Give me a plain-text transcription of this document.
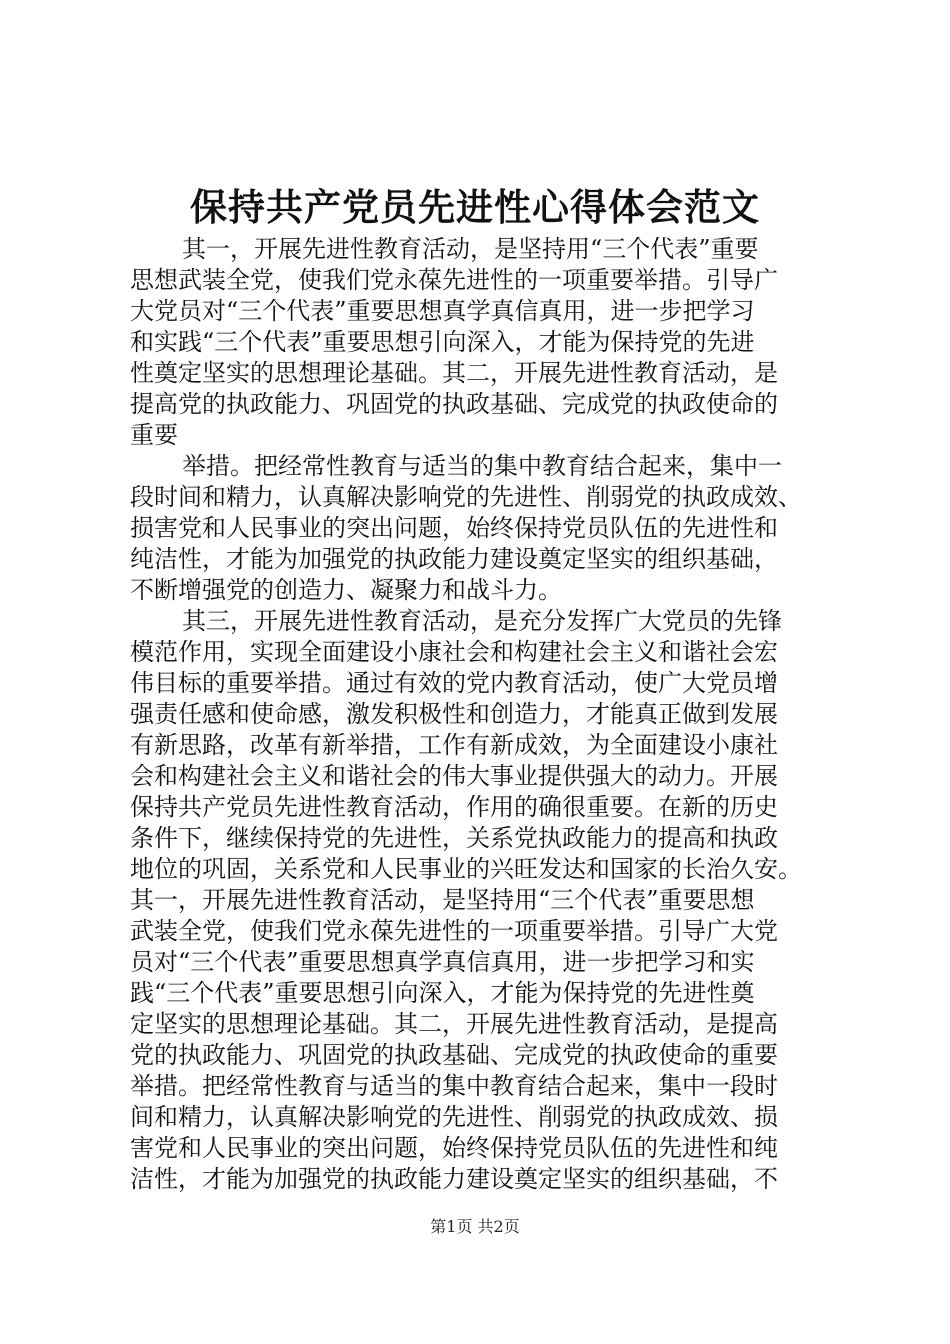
保持共产党员先进性心得体会范文
其一，开展先进性教育活动，是坚持用“三个代表”重要
思想武装全党，使我们党永葆先进性的一项重要举措。引导广
大党员对“三个代表”重要思想真学真信真用，进一步把学习
和实践“三个代表”重要思想引向深入，才能为保持党的先进
性奠定坚实的思想理论基础。其二，开展先进性教育活动，是
提高党的执政能力、巩固党的执政基础、完成党的执政使命的
重要
举措。把经常性教育与适当的集中教育结合起来，集中一
段时间和精力，认真解决影响党的先进性、削弱党的执政成效、
损害党和人民事业的突出问题，始终保持党员队伍的先进性和
纯洁性，才能为加强党的执政能力建设奠定坚实的组织基础，
不断增强党的创造力、凝聚力和战斗力。
其三，开展先进性教育活动，是充分发挥广大党员的先锋
模范作用，实现全面建设小康社会和构建社会主义和谐社会宏
伟目标的重要举措。通过有效的党内教育活动，使广大党员增
强责任感和使命感，激发积极性和创造力，才能真正做到发展
有新思路，改革有新举措，工作有新成效，为全面建设小康社
会和构建社会主义和谐社会的伟大事业提供强大的动力。开展
保持共产党员先进性教育活动，作用的确很重要。在新的历史
条件下，继续保持党的先进性，关系党执政能力的提高和执政
地位的巩固，关系党和人民事业的兴旺发达和国家的长治久安。
其一，开展先进性教育活动，是坚持用“三个代表”重要思想
武装全党，使我们党永葆先进性的一项重要举措。引导广大党
员对“三个代表”重要思想真学真信真用，进一步把学习和实
践“三个代表”重要思想引向深入，才能为保持党的先进性奠
定坚实的思想理论基础。其二，开展先进性教育活动，是提高
党的执政能力、巩固党的执政基础、完成党的执政使命的重要
举措。把经常性教育与适当的集中教育结合起来，集中一段时
间和精力，认真解决影响党的先进性、削弱党的执政成效、损
害党和人民事业的突出问题，始终保持党员队伍的先进性和纯
洁性，才能为加强党的执政能力建设奠定坚实的组织基础，不
第1页 共2页
